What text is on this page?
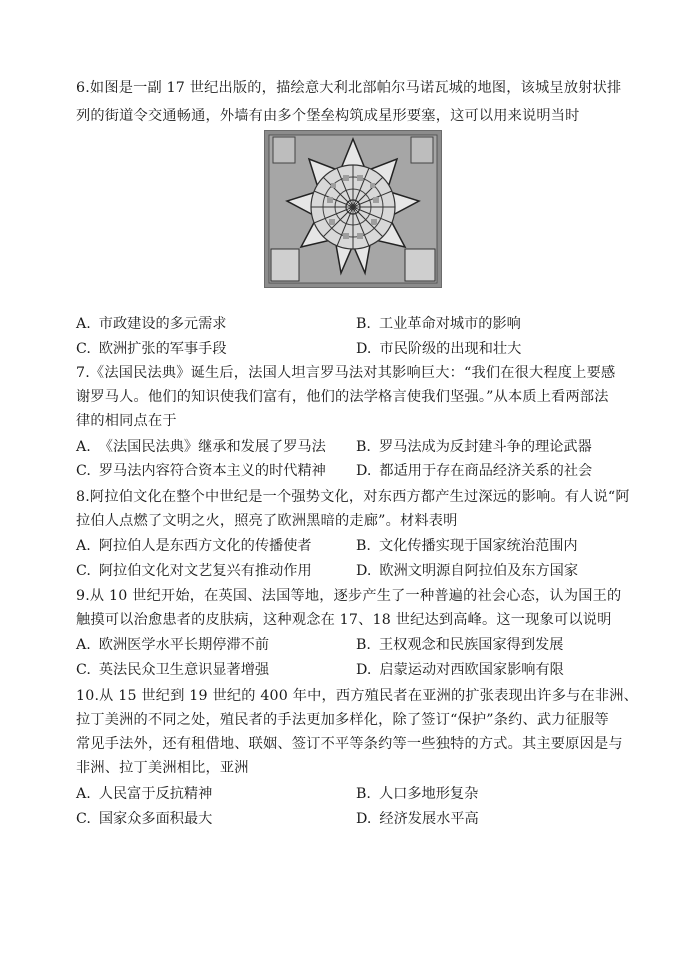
6.如图是一副 17 世纪出版的，描绘意大利北部帕尔马诺瓦城的地图，该城呈放射状排
列的街道令交通畅通，外墙有由多个堡垒构筑成星形要塞，这可以用来说明当时
A. 市政建设的多元需求	B. 工业革命对城市的影响
C. 欧洲扩张的军事手段	D. 市民阶级的出现和壮大
7.《法国民法典》诞生后，法国人坦言罗马法对其影响巨大：“我们在很大程度上要感
谢罗马人。他们的知识使我们富有，他们的法学格言使我们坚强。”从本质上看两部法
律的相同点在于
A. 《法国民法典》继承和发展了罗马法 B. 罗马法成为反封建斗争的理论武器
C. 罗马法内容符合资本主义的时代精神 D. 都适用于存在商品经济关系的社会
8.阿拉伯文化在整个中世纪是一个强势文化，对东西方都产生过深远的影响。有人说“阿
拉伯人点燃了文明之火，照亮了欧洲黑暗的走廊”。材料表明
A. 阿拉伯人是东西方文化的传播使者	B. 文化传播实现于国家统治范围内
C. 阿拉伯文化对文艺复兴有推动作用	D. 欧洲文明源自阿拉伯及东方国家
9.从 10 世纪开始，在英国、法国等地，逐步产生了一种普遍的社会心态，认为国王的
触摸可以治愈患者的皮肤病，这种观念在 17、18 世纪达到高峰。这一现象可以说明
A. 欧洲医学水平长期停滞不前	B. 王权观念和民族国家得到发展
C. 英法民众卫生意识显著增强	D. 启蒙运动对西欧国家影响有限
10.从 15 世纪到 19 世纪的 400 年中，西方殖民者在亚洲的扩张表现出许多与在非洲、
拉丁美洲的不同之处，殖民者的手法更加多样化，除了签订“保护”条约、武力征服等
常见手法外，还有租借地、联姻、签订不平等条约等一些独特的方式。其主要原因是与
非洲、拉丁美洲相比，亚洲
A. 人民富于反抗精神	B. 人口多地形复杂
C. 国家众多面积最大	D. 经济发展水平高
